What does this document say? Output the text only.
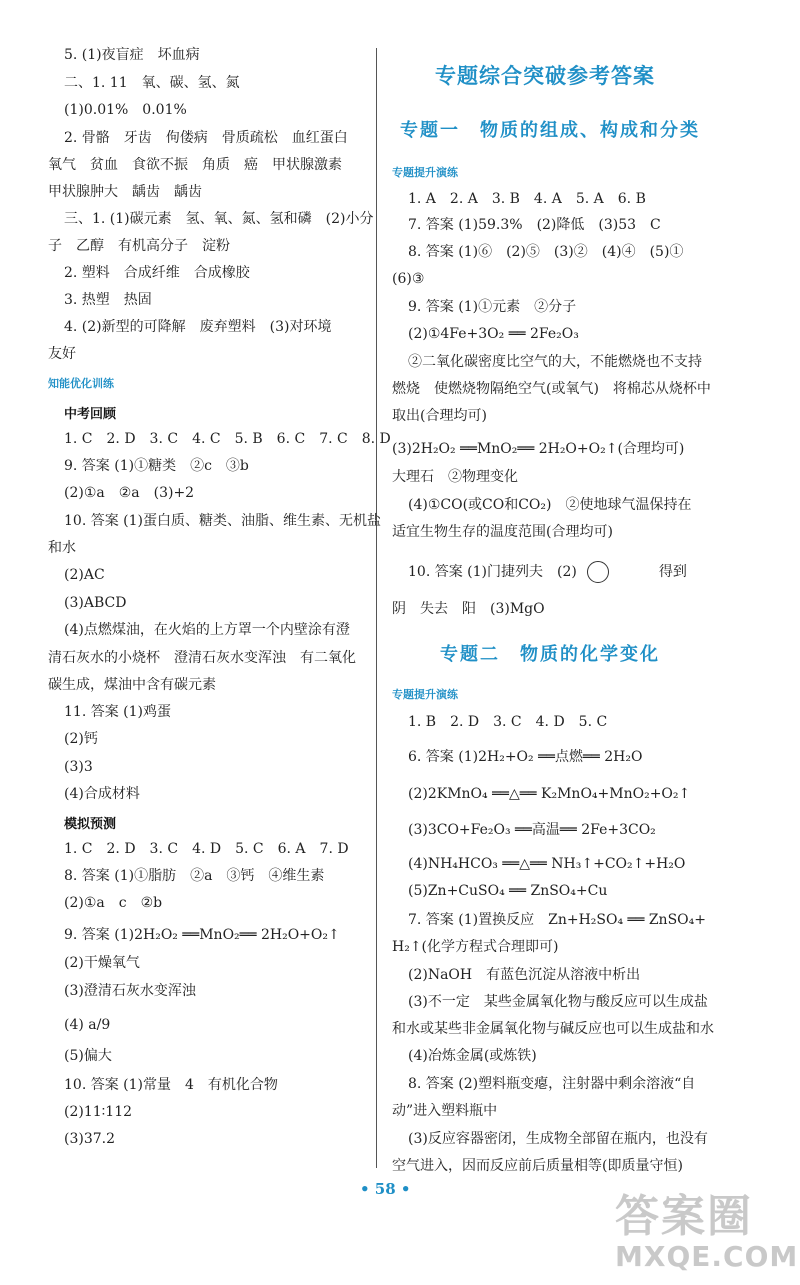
5. (1)夜盲症　坏血病
二、1. 11　氧、碳、氢、氮
(1)0.01%　0.01%
2. 骨骼　牙齿　佝偻病　骨质疏松　血红蛋白
氧气　贫血　食欲不振　角质　癌　甲状腺激素
甲状腺肿大　龋齿　龋齿
三、1. (1)碳元素　氢、氧、氮、氢和磷　(2)小分
子　乙醇　有机高分子　淀粉
2. 塑料　合成纤维　合成橡胶
3. 热塑　热固
4. (2)新型的可降解　废弃塑料　(3)对环境
友好
知能优化训练
中考回顾
1. C　2. D　3. C　4. C　5. B　6. C　7. C　8. D
9. 答案 (1)①糖类　②c　③b
(2)①a　②a　(3)+2
10. 答案 (1)蛋白质、糖类、油脂、维生素、无机盐
和水
(2)AC
(3)ABCD
(4)点燃煤油，在火焰的上方罩一个内壁涂有澄
清石灰水的小烧杯　澄清石灰水变浑浊　有二氧化
碳生成，煤油中含有碳元素
11. 答案 (1)鸡蛋
(2)钙
(3)3
(4)合成材料
模拟预测
1. C　2. D　3. C　4. D　5. C　6. A　7. D
8. 答案 (1)①脂肪　②a　③钙　④维生素
(2)①a　c　②b
9. 答案 (1)2H₂O₂ ══MnO₂══ 2H₂O+O₂↑
(2)干燥氧气
(3)澄清石灰水变浑浊
(4) a/9
(5)偏大
10. 答案 (1)常量　4　有机化合物
(2)11∶112
(3)37.2
专题综合突破参考答案
专题一　物质的组成、构成和分类
专题提升演练
1. A　2. A　3. B　4. A　5. A　6. B
7. 答案 (1)59.3%　(2)降低　(3)53　C
8. 答案 (1)⑥　(2)⑤　(3)②　(4)④　(5)①
(6)③
9. 答案 (1)①元素　②分子
(2)①4Fe+3O₂ ══ 2Fe₂O₃
②二氧化碳密度比空气的大，不能燃烧也不支持
燃烧　使燃烧物隔绝空气(或氧气)　将棉芯从烧杯中
取出(合理均可)
(3)2H₂O₂ ══MnO₂══ 2H₂O+O₂↑(合理均可)
大理石　②物理变化
(4)①CO(或CO和CO₂)　②使地球气温保持在
适宜生物生存的温度范围(合理均可)
10. 答案 (1)门捷列夫　(2)	得到
阴　失去　阳　(3)MgO
专题二　物质的化学变化
专题提升演练
1. B　2. D　3. C　4. D　5. C
6. 答案 (1)2H₂+O₂ ══点燃══ 2H₂O
(2)2KMnO₄ ══△══ K₂MnO₄+MnO₂+O₂↑
(3)3CO+Fe₂O₃ ══高温══ 2Fe+3CO₂
(4)NH₄HCO₃ ══△══ NH₃↑+CO₂↑+H₂O
(5)Zn+CuSO₄ ══ ZnSO₄+Cu
7. 答案 (1)置换反应　Zn+H₂SO₄ ══ ZnSO₄+
H₂↑(化学方程式合理即可)
(2)NaOH　有蓝色沉淀从溶液中析出
(3)不一定　某些金属氧化物与酸反应可以生成盐
和水或某些非金属氧化物与碱反应也可以生成盐和水
(4)冶炼金属(或炼铁)
8. 答案 (2)塑料瓶变瘪，注射器中剩余溶液“自
动”进入塑料瓶中
(3)反应容器密闭，生成物全部留在瓶内，也没有
空气进入，因而反应前后质量相等(即质量守恒)
• 58 •
答案圈
MXQE.COM
